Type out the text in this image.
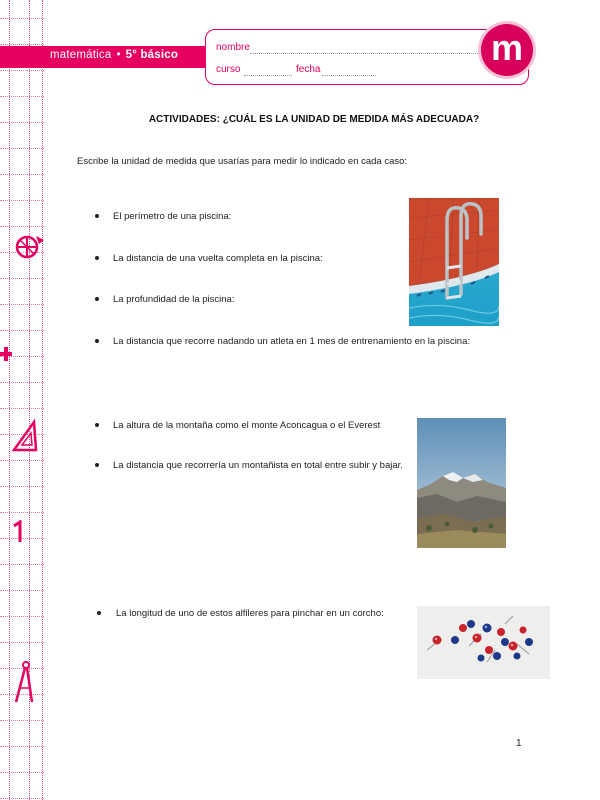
matemática • 5° básico
nombre
curso	fecha
m
ACTIVIDADES: ¿CUÁL ES LA UNIDAD DE MEDIDA MÁS ADECUADA?
Escribe la unidad de medida que usarías para medir lo indicado en cada caso:
El perímetro de una piscina:
La distancia de una vuelta completa en la piscina:
La profundidad de la piscina:
La distancia que recorre nadando un atleta en 1 mes de entrenamiento en la piscina:
La altura de la montaña como el monte Aconcagua o el Everest
La distancia que recorrería un montañista en total entre subir y bajar.
La longitud de uno de estos alfileres para pinchar en un corcho:
1
